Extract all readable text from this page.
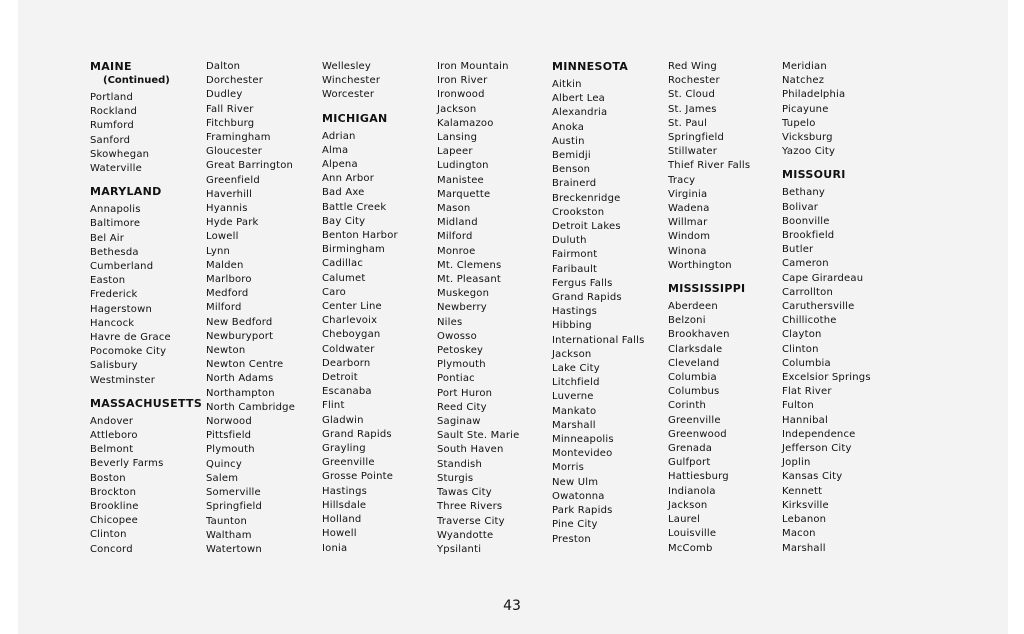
MAINE
(Continued)
Portland
Rockland
Rumford
Sanford
Skowhegan
Waterville
MARYLAND
Annapolis
Baltimore
Bel Air
Bethesda
Cumberland
Easton
Frederick
Hagerstown
Hancock
Havre de Grace
Pocomoke City
Salisbury
Westminster
MASSACHUSETTS
Andover
Attleboro
Belmont
Beverly Farms
Boston
Brockton
Brookline
Chicopee
Clinton
Concord
Dalton
Dorchester
Dudley
Fall River
Fitchburg
Framingham
Gloucester
Great Barrington
Greenfield
Haverhill
Hyannis
Hyde Park
Lowell
Lynn
Malden
Marlboro
Medford
Milford
New Bedford
Newburyport
Newton
Newton Centre
North Adams
Northampton
North Cambridge
Norwood
Pittsfield
Plymouth
Quincy
Salem
Somerville
Springfield
Taunton
Waltham
Watertown
Wellesley
Winchester
Worcester
MICHIGAN
Adrian
Alma
Alpena
Ann Arbor
Bad Axe
Battle Creek
Bay City
Benton Harbor
Birmingham
Cadillac
Calumet
Caro
Center Line
Charlevoix
Cheboygan
Coldwater
Dearborn
Detroit
Escanaba
Flint
Gladwin
Grand Rapids
Grayling
Greenville
Grosse Pointe
Hastings
Hillsdale
Holland
Howell
Ionia
Iron Mountain
Iron River
Ironwood
Jackson
Kalamazoo
Lansing
Lapeer
Ludington
Manistee
Marquette
Mason
Midland
Milford
Monroe
Mt. Clemens
Mt. Pleasant
Muskegon
Newberry
Niles
Owosso
Petoskey
Plymouth
Pontiac
Port Huron
Reed City
Saginaw
Sault Ste. Marie
South Haven
Standish
Sturgis
Tawas City
Three Rivers
Traverse City
Wyandotte
Ypsilanti
MINNESOTA
Aitkin
Albert Lea
Alexandria
Anoka
Austin
Bemidji
Benson
Brainerd
Breckenridge
Crookston
Detroit Lakes
Duluth
Fairmont
Faribault
Fergus Falls
Grand Rapids
Hastings
Hibbing
International Falls
Jackson
Lake City
Litchfield
Luverne
Mankato
Marshall
Minneapolis
Montevideo
Morris
New Ulm
Owatonna
Park Rapids
Pine City
Preston
Red Wing
Rochester
St. Cloud
St. James
St. Paul
Springfield
Stillwater
Thief River Falls
Tracy
Virginia
Wadena
Willmar
Windom
Winona
Worthington
MISSISSIPPI
Aberdeen
Belzoni
Brookhaven
Clarksdale
Cleveland
Columbia
Columbus
Corinth
Greenville
Greenwood
Grenada
Gulfport
Hattiesburg
Indianola
Jackson
Laurel
Louisville
McComb
Meridian
Natchez
Philadelphia
Picayune
Tupelo
Vicksburg
Yazoo City
MISSOURI
Bethany
Bolivar
Boonville
Brookfield
Butler
Cameron
Cape Girardeau
Carrollton
Caruthersville
Chillicothe
Clayton
Clinton
Columbia
Excelsior Springs
Flat River
Fulton
Hannibal
Independence
Jefferson City
Joplin
Kansas City
Kennett
Kirksville
Lebanon
Macon
Marshall
43
